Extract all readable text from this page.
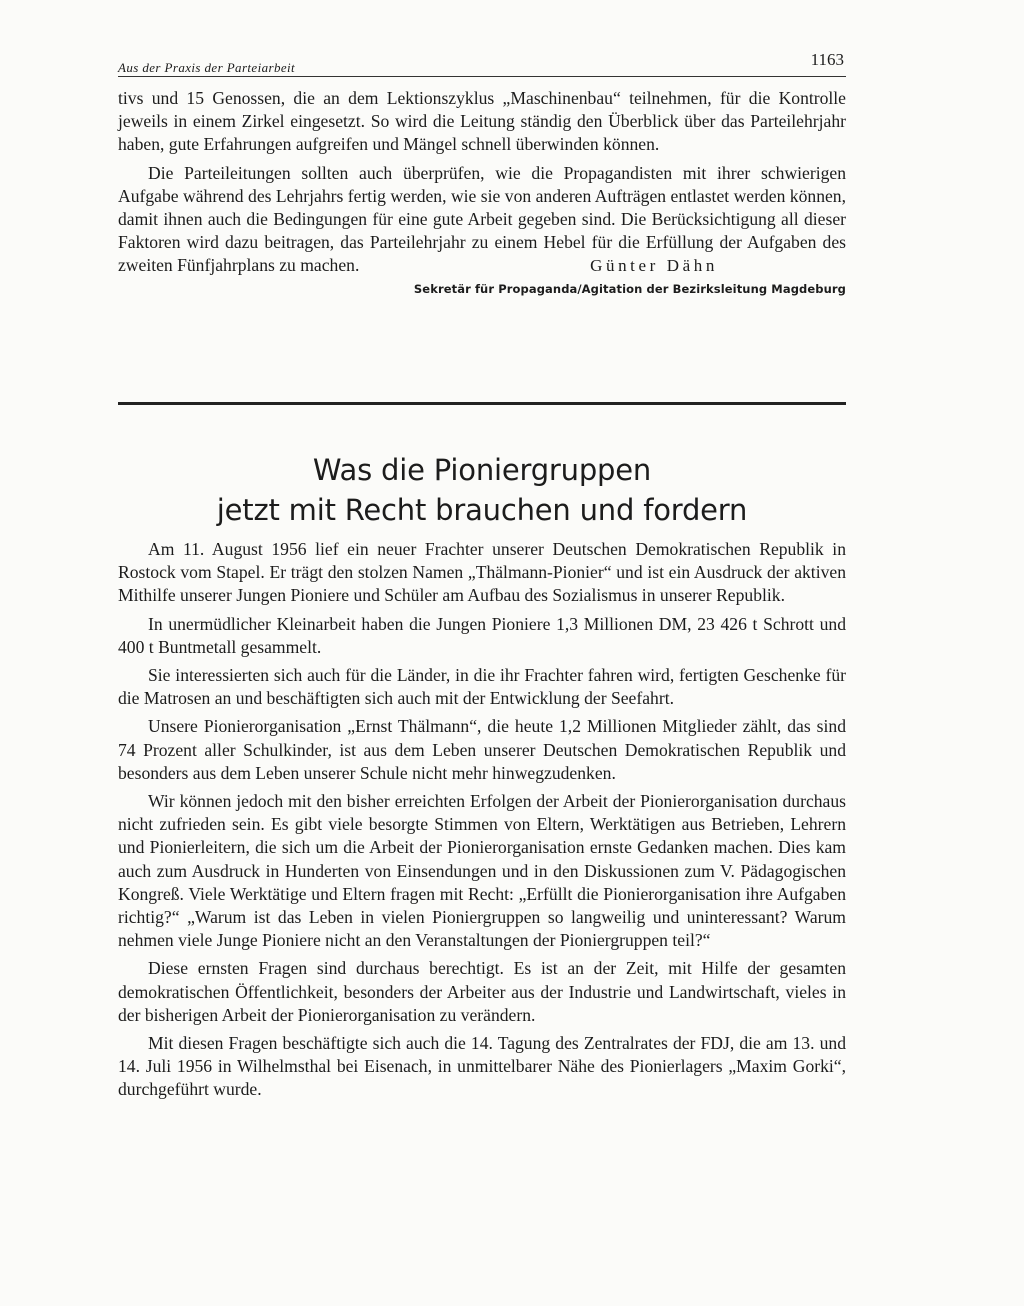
Aus der Praxis der Parteiarbeit	1163

tivs und 15 Genossen, die an dem Lektionszyklus „Maschinenbau“ teilnehmen, für die Kontrolle jeweils in einem Zirkel eingesetzt. So wird die Leitung ständig den Überblick über das Parteilehrjahr haben, gute Erfahrungen aufgreifen und Mängel schnell überwinden können.

Die Parteileitungen sollten auch überprüfen, wie die Propagandisten mit ihrer schwierigen Aufgabe während des Lehrjahrs fertig werden, wie sie von anderen Aufträgen entlastet werden können, damit ihnen auch die Bedingungen für eine gute Arbeit gegeben sind. Die Berücksichtigung all dieser Faktoren wird dazu beitragen, das Parteilehrjahr zu einem Hebel für die Erfüllung der Aufgaben des zweiten Fünfjahrplans zu machen.	Günter Dähn
Sekretär für Propaganda/Agitation der Bezirksleitung Magdeburg
Was die Pioniergruppen
jetzt mit Recht brauchen und fordern

Am 11. August 1956 lief ein neuer Frachter unserer Deutschen Demokratischen Republik in Rostock vom Stapel. Er trägt den stolzen Namen „Thälmann-Pionier“ und ist ein Ausdruck der aktiven Mithilfe unserer Jungen Pioniere und Schüler am Aufbau des Sozialismus in unserer Republik.

In unermüdlicher Kleinarbeit haben die Jungen Pioniere 1,3 Millionen DM, 23 426 t Schrott und 400 t Buntmetall gesammelt.

Sie interessierten sich auch für die Länder, in die ihr Frachter fahren wird, fertigten Geschenke für die Matrosen an und beschäftigten sich auch mit der Entwicklung der Seefahrt.

Unsere Pionierorganisation „Ernst Thälmann“, die heute 1,2 Millionen Mitglieder zählt, das sind 74 Prozent aller Schulkinder, ist aus dem Leben unserer Deutschen Demokratischen Republik und besonders aus dem Leben unserer Schule nicht mehr hinwegzudenken.

Wir können jedoch mit den bisher erreichten Erfolgen der Arbeit der Pionierorganisation durchaus nicht zufrieden sein. Es gibt viele besorgte Stimmen von Eltern, Werktätigen aus Betrieben, Lehrern und Pionierleitern, die sich um die Arbeit der Pionierorganisation ernste Gedanken machen. Dies kam auch zum Ausdruck in Hunderten von Einsendungen und in den Diskussionen zum V. Pädagogischen Kongreß. Viele Werktätige und Eltern fragen mit Recht: „Erfüllt die Pionierorganisation ihre Aufgaben richtig?“ „Warum ist das Leben in vielen Pioniergruppen so langweilig und uninteressant? Warum nehmen viele Junge Pioniere nicht an den Veranstaltungen der Pioniergruppen teil?“

Diese ernsten Fragen sind durchaus berechtigt. Es ist an der Zeit, mit Hilfe der gesamten demokratischen Öffentlichkeit, besonders der Arbeiter aus der Industrie und Landwirtschaft, vieles in der bisherigen Arbeit der Pionierorganisation zu verändern.

Mit diesen Fragen beschäftigte sich auch die 14. Tagung des Zentralrates der FDJ, die am 13. und 14. Juli 1956 in Wilhelmsthal bei Eisenach, in unmittelbarer Nähe des Pionierlagers „Maxim Gorki“, durchgeführt wurde.
